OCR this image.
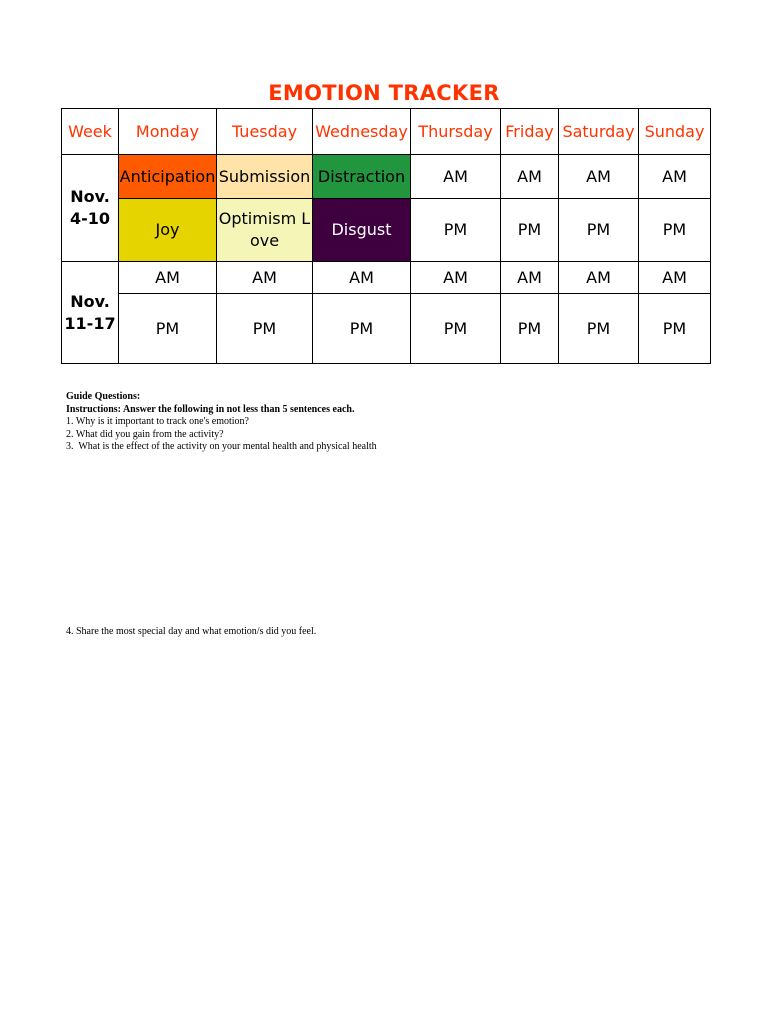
EMOTION TRACKER
Week	Monday	Tuesday	Wednesday	Thursday	Friday	Saturday	Sunday
Nov. 4-10	Anticipation	Submission	Distraction	AM	AM	AM	AM
	Joy	Optimism Love	Disgust	PM	PM	PM	PM
Nov. 11-17	AM	AM	AM	AM	AM	AM	AM
	PM	PM	PM	PM	PM	PM	PM
Guide Questions:
Instructions: Answer the following in not less than 5 sentences each.
1. Why is it important to track one's emotion?
2. What did you gain from the activity?
3.  What is the effect of the activity on your mental health and physical health
4. Share the most special day and what emotion/s did you feel.
